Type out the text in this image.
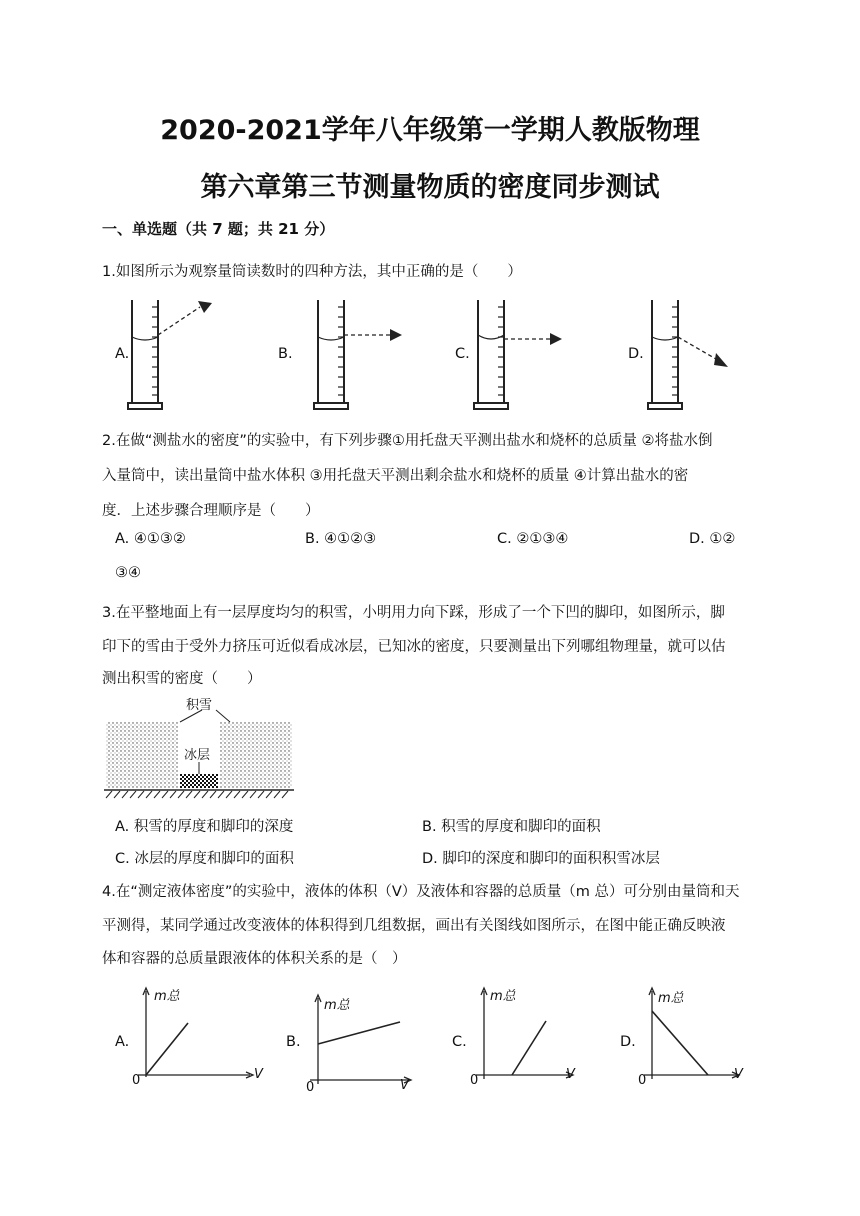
2020-2021学年八年级第一学期人教版物理
第六章第三节测量物质的密度同步测试
一、单选题（共 7 题；共 21 分）
1.如图所示为观察量筒读数时的四种方法，其中正确的是（　　）
A.	B.	C.	D.
2.在做“测盐水的密度”的实验中，有下列步骤①用托盘天平测出盐水和烧杯的总质量 ②将盐水倒
入量筒中，读出量筒中盐水体积 ③用托盘天平测出剩余盐水和烧杯的质量 ④计算出盐水的密
度．上述步骤合理顺序是（　　）
A. ④①③②	B. ④①②③	C. ②①③④	D. ①②
③④
3.在平整地面上有一层厚度均匀的积雪，小明用力向下踩，形成了一个下凹的脚印，如图所示，脚
印下的雪由于受外力挤压可近似看成冰层，已知冰的密度，只要测量出下列哪组物理量，就可以估
测出积雪的密度（　　）
积雪
冰层
A. 积雪的厚度和脚印的深度	B. 积雪的厚度和脚印的面积
C. 冰层的厚度和脚印的面积	D. 脚印的深度和脚印的面积积雪冰层
4.在“测定液体密度”的实验中，液体的体积（V）及液体和容器的总质量（m 总）可分别由量筒和天
平测得，某同学通过改变液体的体积得到几组数据，画出有关图线如图所示，在图中能正确反映液
体和容器的总质量跟液体的体积关系的是（　）
A.	B.	C.	D.
m总
0	V
m总
0	V
m总
0	V
m总
0	V
